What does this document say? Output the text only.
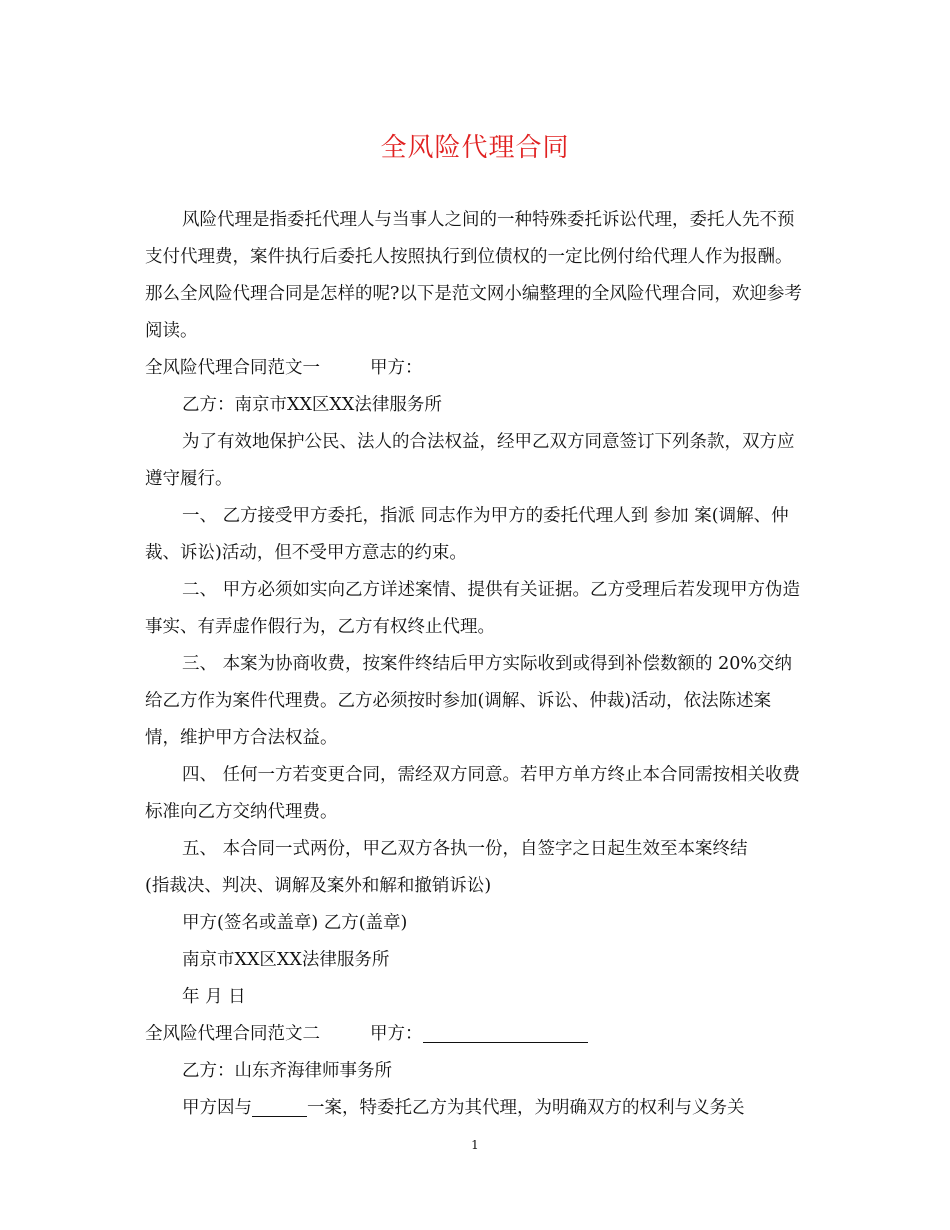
全风险代理合同

风险代理是指委托代理人与当事人之间的一种特殊委托诉讼代理，委托人先不预支付代理费，案件执行后委托人按照执行到位债权的一定比例付给代理人作为报酬。那么全风险代理合同是怎样的呢?以下是范文网小编整理的全风险代理合同，欢迎参考阅读。

全风险代理合同范文一	甲方：

乙方：南京市XX区XX法律服务所

为了有效地保护公民、法人的合法权益，经甲乙双方同意签订下列条款，双方应遵守履行。

一、 乙方接受甲方委托，指派 同志作为甲方的委托代理人到 参加 案(调解、仲裁、诉讼)活动，但不受甲方意志的约束。

二、 甲方必须如实向乙方详述案情、提供有关证据。乙方受理后若发现甲方伪造事实、有弄虚作假行为，乙方有权终止代理。

三、 本案为协商收费，按案件终结后甲方实际收到或得到补偿数额的 20%交纳给乙方作为案件代理费。乙方必须按时参加(调解、诉讼、仲裁)活动，依法陈述案情，维护甲方合法权益。

四、 任何一方若变更合同，需经双方同意。若甲方单方终止本合同需按相关收费标准向乙方交纳代理费。

五、 本合同一式两份，甲乙双方各执一份，自签字之日起生效至本案终结

(指裁决、判决、调解及案外和解和撤销诉讼)

甲方(签名或盖章) 乙方(盖章)

南京市XX区XX法律服务所

年 月 日

全风险代理合同范文二	甲方：

乙方：山东齐海律师事务所

甲方因与	一案，特委托乙方为其代理，为明确双方的权利与义务关

1
